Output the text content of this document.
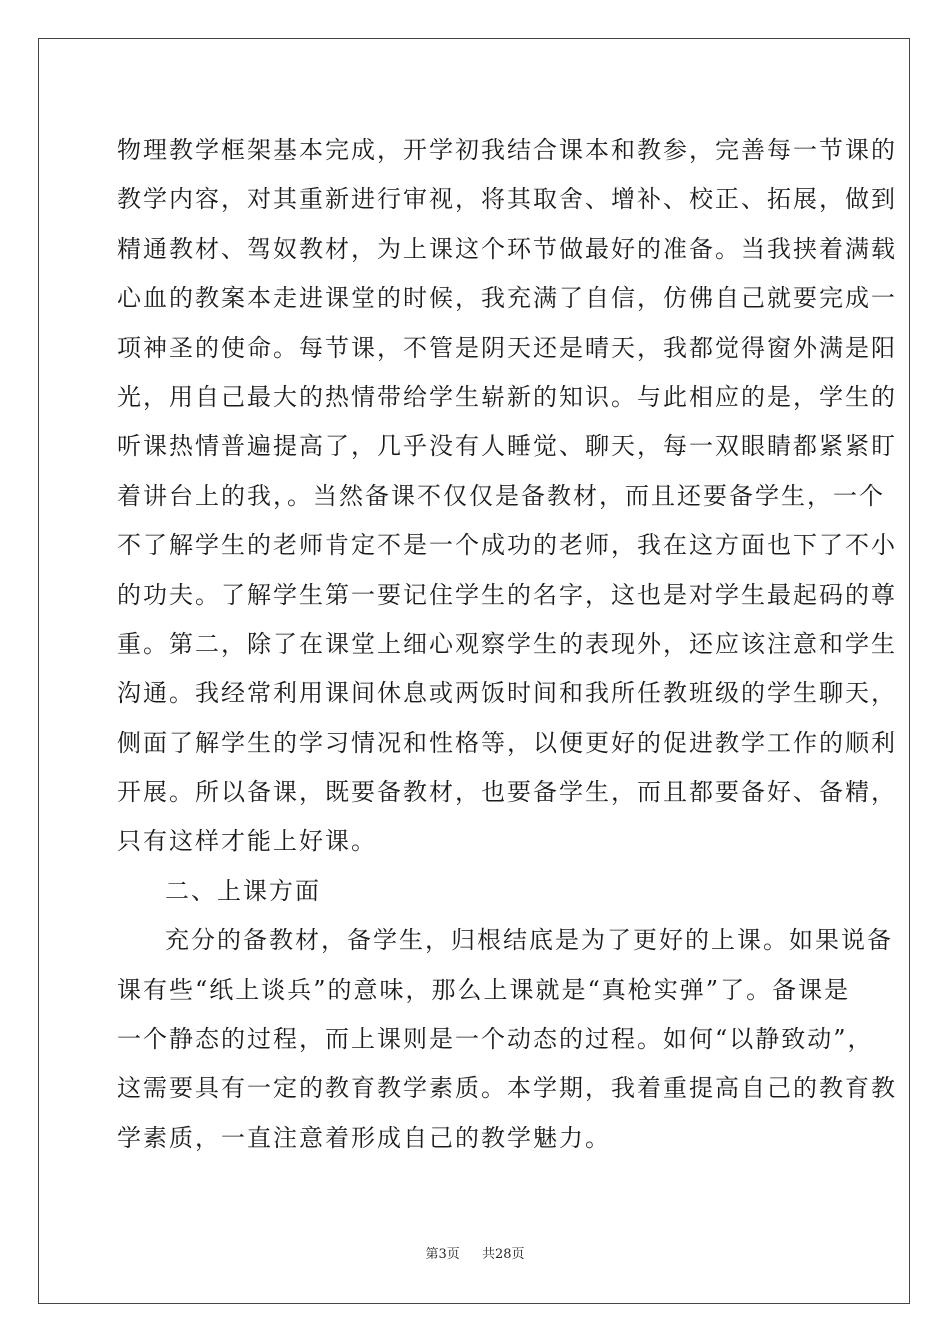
物理教学框架基本完成，开学初我结合课本和教参，完善每一节课的
教学内容，对其重新进行审视，将其取舍、增补、校正、拓展，做到
精通教材、驾奴教材，为上课这个环节做最好的准备。当我挟着满载
心血的教案本走进课堂的时候，我充满了自信，仿佛自己就要完成一
项神圣的使命。每节课，不管是阴天还是晴天，我都觉得窗外满是阳
光，用自己最大的热情带给学生崭新的知识。与此相应的是，学生的
听课热情普遍提高了，几乎没有人睡觉、聊天，每一双眼睛都紧紧盯
着讲台上的我，。当然备课不仅仅是备教材，而且还要备学生，一个
不了解学生的老师肯定不是一个成功的老师，我在这方面也下了不小
的功夫。了解学生第一要记住学生的名字，这也是对学生最起码的尊
重。第二，除了在课堂上细心观察学生的表现外，还应该注意和学生
沟通。我经常利用课间休息或两饭时间和我所任教班级的学生聊天，
侧面了解学生的学习情况和性格等，以便更好的促进教学工作的顺利
开展。所以备课，既要备教材，也要备学生，而且都要备好、备精，
只有这样才能上好课。
二、上课方面
充分的备教材，备学生，归根结底是为了更好的上课。如果说备
课有些“纸上谈兵”的意味，那么上课就是“真枪实弹”了。备课是
一个静态的过程，而上课则是一个动态的过程。如何“以静致动”，
这需要具有一定的教育教学素质。本学期，我着重提高自己的教育教
学素质，一直注意着形成自己的教学魅力。
第3页 共28页
